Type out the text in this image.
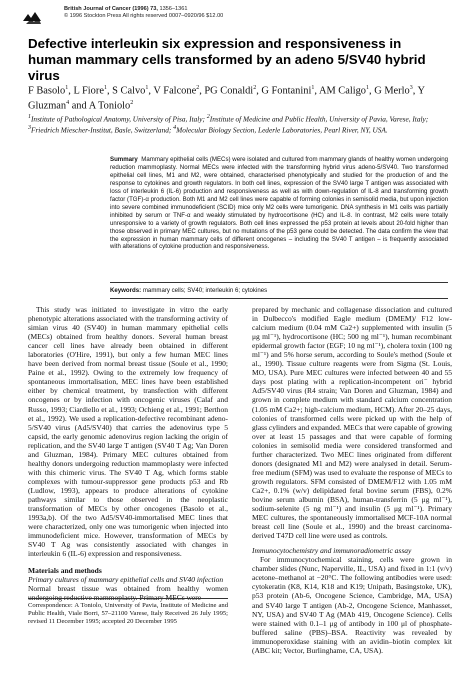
British Journal of Cancer (1996) 73, 1356–1361
© 1996 Stockton Press All rights reserved 0007–0920/96 $12.00
Defective interleukin six expression and responsiveness in human mammary cells transformed by an adeno 5/SV40 hybrid virus
F Basolo$^1$, L Fiore$^1$, S Calvo$^1$, V Falcone$^2$, PG Conaldi$^2$, G Fontanini$^1$, AM Caligo$^1$, G Merlo$^3$, Y Gluzman$^4$ and A Toniolo$^2$
$^1$Institute of Pathological Anatomy, University of Pisa, Italy; $^2$Institute of Medicine and Public Health, University of Pavia, Varese, Italy; $^3$Friedrich Miescher-Institut, Basle, Switzerland; $^4$Molecular Biology Section, Lederle Laboratories, Pearl River, NY, USA.
Summary Mammary epithelial cells (MECs) were isolated and cultured from mammary glands of healthy women undergoing reduction mammoplasty. Normal MECs were infected with the transforming hybrid virus adeno-5/SV40. Two transformed epithelial cell lines, M1 and M2, were obtained, characterised phenotypically and studied for the production of and the response to cytokines and growth regulators. In both cell lines, expression of the SV40 large T antigen was associated with loss of interleukin 6 (IL-6) production and responsiveness as well as with down-regulation of IL-8 and transforming growth factor (TGF)-α production. Both M1 and M2 cell lines were capable of forming colonies in semisolid media, but upon injection into severe combined immunodeficient (SCID) mice only M2 cells were tumorigenic. DNA synthesis in M1 cells was partially inhibited by serum or TNF-α and weakly stimulated by hydrocortisone (HC) and IL-8. In contrast, M2 cells were totally unresponsive to a variety of growth regulators. Both cell lines expressed the p53 protein at levels about 20-fold higher than those observed in primary MEC cultures, but no mutations of the p53 gene could be detected. The data confirm the view that the expression in human mammary cells of different oncogenes – including the SV40 T antigen – is frequently associated with alterations of cytokine production and responsiveness.
Keywords: mammary cells; SV40; interleukin 6; cytokines

This study was initiated to investigate in vitro the early phenotypic alterations associated with the transforming activity of simian virus 40 (SV40) in human mammary epithelial cells (MECs) obtained from healthy donors. Several human breast cancer cell lines have already been obtained in different laboratories (O'Hire, 1991), but only a few human MEC lines have been derived from normal breast tissue (Soule et al., 1990; Paine et al., 1992). Owing to the extremely low frequency of spontaneous immortalisation, MEC lines have been established either by chemical treatment, by transfection with different oncogenes or by infection with oncogenic viruses (Calaf and Russo, 1993; Ciardiello et al., 1993; Ochieng et al., 1991; Berthon et al., 1992). We used a replication-defective recombinant adeno-5/SV40 virus (Ad5/SV40) that carries the adenovirus type 5 capsid, the early genomic adenovirus region lacking the origin of replication, and the SV40 large T antigen (SV40 T Ag; Van Doren and Gluzman, 1984). Primary MEC cultures obtained from healthy donors undergoing reduction mammoplasty were infected with this chimeric virus. The SV40 T Ag, which forms stable complexes with tumour-suppressor gene products p53 and Rb (Ludlow, 1993), appears to produce alterations of cytokine pathways similar to those observed in the neoplastic transformation of MECs by other oncogenes (Basolo et al., 1993a,b). Of the two Ad5/SV40-immortalised MEC lines that were characterized, only one was tumorigenic when injected into immunodeficient mice. However, transformation of MECs by SV40 T Ag was consistently associated with changes in interleukin 6 (IL-6) expression and responsiveness.

Materials and methods

Primary cultures of mammary epithelial cells and SV40 infection

Normal breast tissue was obtained from healthy women undergoing reductive mammoplasty. Primary MECs were

Correspondence: A Toniolo, University of Pavia, Institute of Medicine and Public Health, Viale Borri, 57–21100 Varese, Italy Received 26 July 1995; revised 11 December 1995; accepted 20 December 1995

prepared by mechanic and collagenase dissociation and cultured in Dulbecco's modified Eagle medium (DMEM)/ F12 low-calcium medium (0.04 mM Ca2+) supplemented with insulin (5 μg ml⁻¹), hydrocortisone (HC; 500 ng ml⁻¹), human recombinant epidermal growth factor (EGF; 10 ng ml⁻¹), cholera toxin (100 ng ml⁻¹) and 5% horse serum, according to Soule's method (Soule et al., 1990). Tissue culture reagents were from Sigma (St. Louis, MO, USA). Pure MEC cultures were infected between 40 and 55 days post plating with a replication-incompetent ori⁻ hybrid Ad5/SV40 virus (R4 strain; Van Doren and Gluzman, 1984) and grown in complete medium with standard calcium concentration (1.05 mM Ca2+; high-calcium medium, HCM). After 20–25 days, colonies of transformed cells were picked up with the help of glass cylinders and expanded. MECs that were capable of growing over at least 15 passages and that were capable of forming colonies in semisolid media were considered transformed and further characterized. Two MEC lines originated from different donors (designated M1 and M2) were analysed in detail. Serum-free medium (SFM) was used to evaluate the response of MECs to growth regulators. SFM consisted of DMEM/F12 with 1.05 mM Ca2+, 0.1% (w/v) delipidated fetal bovine serum (FBS), 0.2% bovine serum albumin (BSA), human-transferrin (5 μg ml⁻¹), sodium-selenite (5 ng ml⁻¹) and insulin (5 μg ml⁻¹). Primary MEC cultures, the spontaneously immortalised MCF-10A normal breast cell line (Soule et al., 1990) and the breast carcinoma-derived T47D cell line were used as controls.

Immunocytochemistry and immunoradiometric assay

For immunocytochemical staining, cells were grown in chamber slides (Nunc, Naperville, IL, USA) and fixed in 1:1 (v/v) acetone–methanol at −20°C. The following antibodies were used: cytokeratin (K8, K14, K18 and K19; Unipath, Basingstoke, UK), p53 protein (Ab-6, Oncogene Science, Cambridge, MA, USA) and SV40 large T antigen (Ab-2, Oncogene Science, Manhasset, NY, USA) and SV40 T Ag (MAb 419, Oncogene Science). Cells were stained with 0.1–1 μg of antibody in 100 μl of phosphate-buffered saline (PBS)–BSA. Reactivity was revealed by immunoperoxidase staining with an avidin–biotin complex kit (ABC kit; Vector, Burlinghame, CA, USA).
